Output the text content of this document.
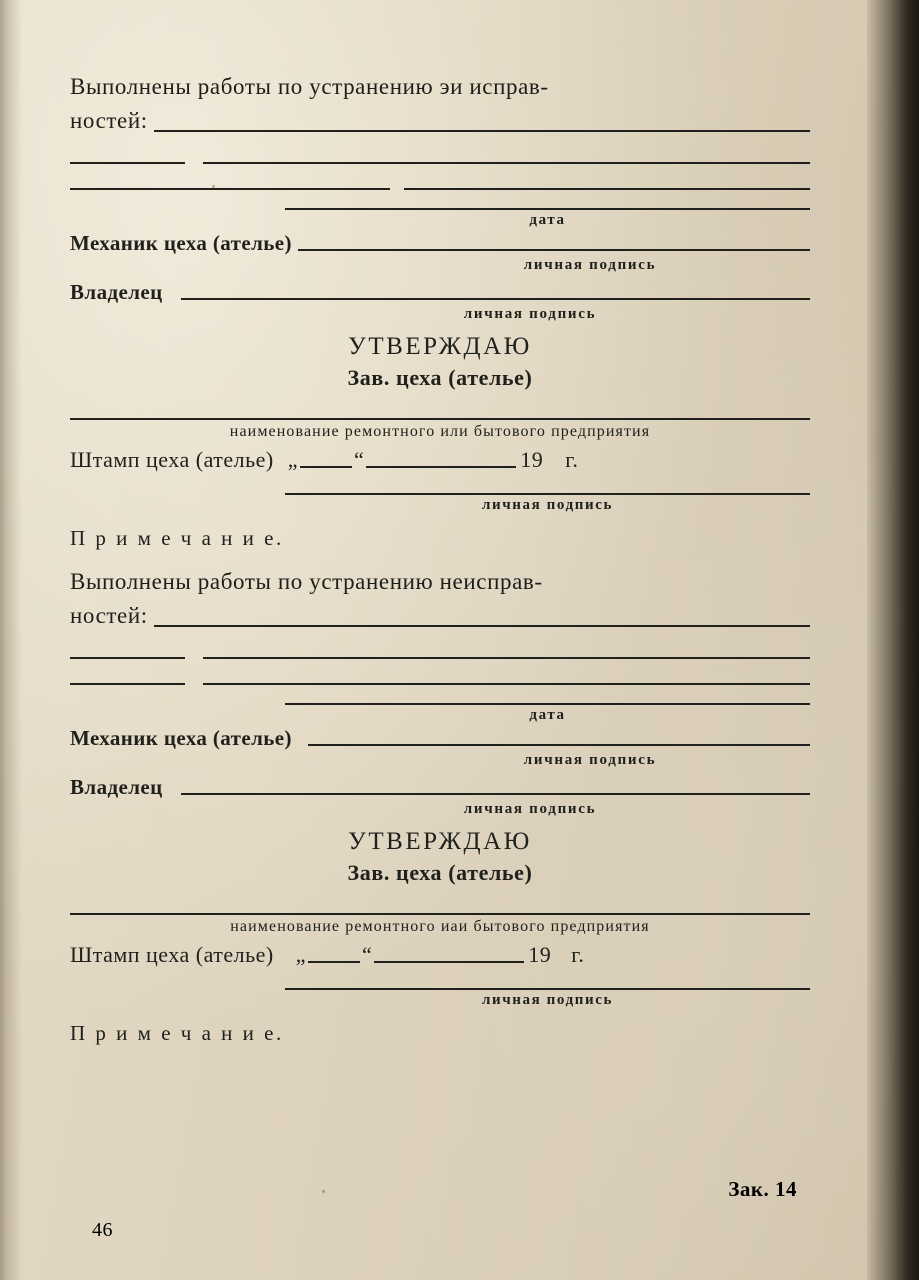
Выполнены работы по устранению эи исправ-
ностей:
дата
Механик цеха (ателье)
личная подпись
Владелец
личная подпись
УТВЕРЖДАЮ
Зав. цеха (ателье)
наименование ремонтного или бытового предприятия
Штамп цеха (ателье) „	“	19 г.
личная подпись
П р и м е ч а н и е.
Выполнены работы по устранению неисправ-
ностей:
дата
Механик цеха (ателье)
личная подпись
Владелец
личная подпись
УТВЕРЖДАЮ
Зав. цеха (ателье)
наименование ремонтного иаи бытового предприятия
Штамп цеха (ателье) „	“	19 г.
личная подпись
П р и м е ч а н и е.
Зак. 14
46
